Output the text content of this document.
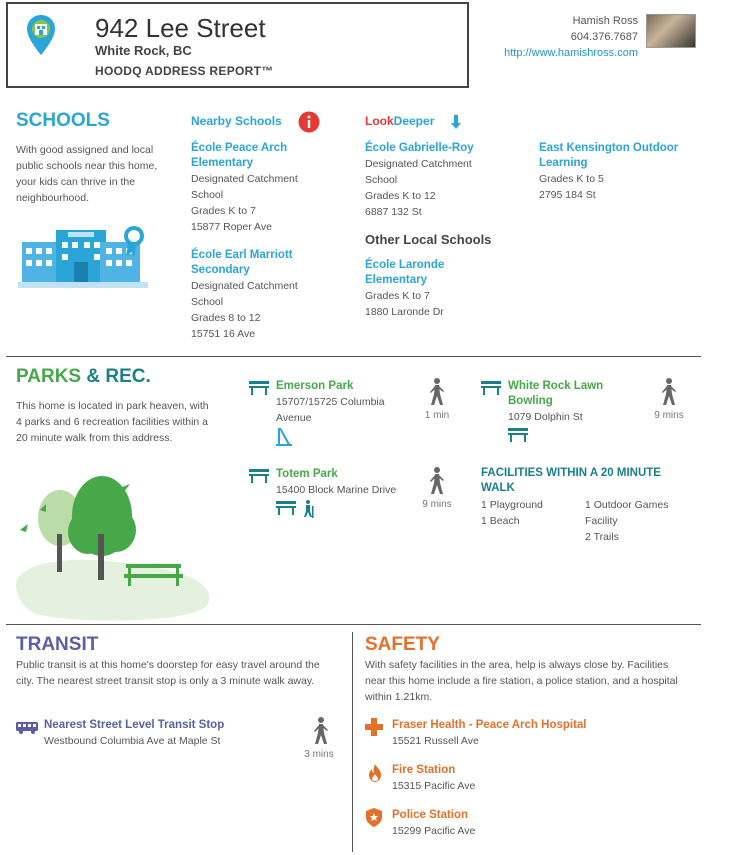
942 Lee Street
White Rock, BC
HOODQ ADDRESS REPORT™
Hamish Ross
604.376.7687
http://www.hamishross.com
SCHOOLS
With good assigned and local public schools near this home, your kids can thrive in the neighbourhood.
Nearby Schools
École Peace Arch Elementary
Designated Catchment
School
Grades K to 7
15877 Roper Ave
École Earl Marriott Secondary
Designated Catchment
School
Grades 8 to 12
15751 16 Ave
LookDeeper
École Gabrielle-Roy
Designated Catchment
School
Grades K to 12
6887 132 St
East Kensington Outdoor Learning
Grades K to 5
2795 184 St
Other Local Schools
École Laronde Elementary
Grades K to 7
1880 Laronde Dr
PARKS & REC.
This home is located in park heaven, with 4 parks and 6 recreation facilities within a 20 minute walk from this address.
Emerson Park
15707/15725 Columbia
Avenue	1 min
White Rock Lawn Bowling
1079 Dolphin St	9 mins
Totem Park
15400 Block Marine Drive
9 mins
FACILITIES WITHIN A 20 MINUTE WALK
1 Playground
1 Beach
1 Outdoor Games
Facility
2 Trails
TRANSIT
Public transit is at this home's doorstep for easy travel around the city. The nearest street transit stop is only a 3 minute walk away.
Nearest Street Level Transit Stop
Westbound Columbia Ave at Maple St
3 mins
SAFETY
With safety facilities in the area, help is always close by. Facilities near this home include a fire station, a police station, and a hospital within 1.21km.
Fraser Health - Peace Arch Hospital
15521 Russell Ave
Fire Station
15315 Pacific Ave
Police Station
15299 Pacific Ave
